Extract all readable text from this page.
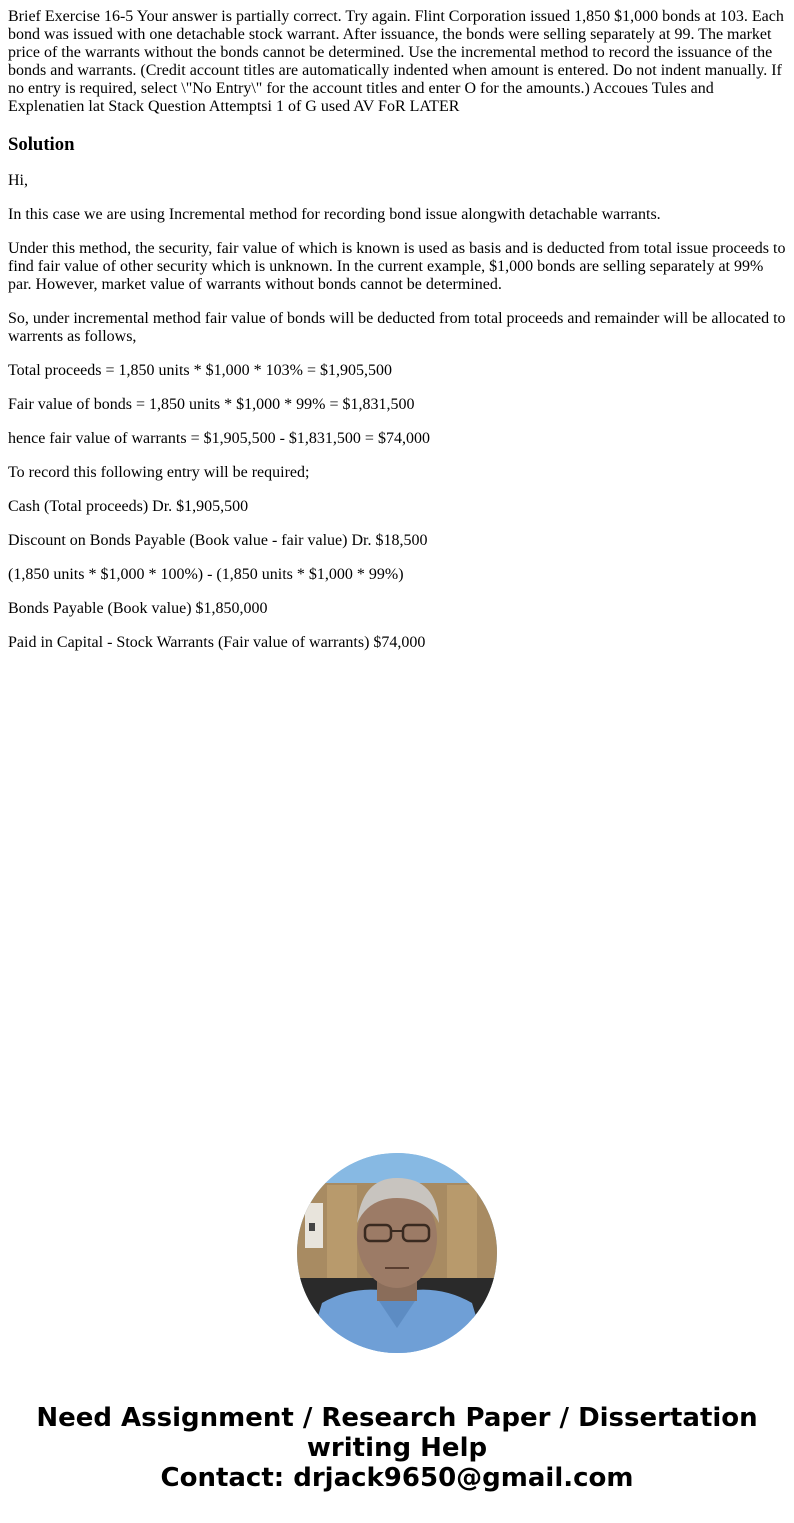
Brief Exercise 16-5 Your answer is partially correct. Try again. Flint Corporation issued 1,850 $1,000 bonds at 103. Each bond was issued with one detachable stock warrant. After issuance, the bonds were selling separately at 99. The market price of the warrants without the bonds cannot be determined. Use the incremental method to record the issuance of the bonds and warrants. (Credit account titles are automatically indented when amount is entered. Do not indent manually. If no entry is required, select \"No Entry\" for the account titles and enter O for the amounts.) Accoues Tules and Explenatien lat Stack Question Attemptsi 1 of G used AV FoR LATER

Solution

Hi,

In this case we are using Incremental method for recording bond issue alongwith detachable warrants.

Under this method, the security, fair value of which is known is used as basis and is deducted from total issue proceeds to find fair value of other security which is unknown. In the current example, $1,000 bonds are selling separately at 99% par. However, market value of warrants without bonds cannot be determined.

So, under incremental method fair value of bonds will be deducted from total proceeds and remainder will be allocated to warrents as follows,

Total proceeds = 1,850 units * $1,000 * 103% = $1,905,500

Fair value of bonds = 1,850 units * $1,000 * 99% = $1,831,500

hence fair value of warrants = $1,905,500 - $1,831,500 = $74,000

To record this following entry will be required;

Cash (Total proceeds) Dr. $1,905,500

Discount on Bonds Payable (Book value - fair value) Dr. $18,500

(1,850 units * $1,000 * 100%) - (1,850 units * $1,000 * 99%)

Bonds Payable (Book value) $1,850,000

Paid in Capital - Stock Warrants (Fair value of warrants) $74,000

Need Assignment / Research Paper / Dissertation
writing Help
Contact: drjack9650@gmail.com
